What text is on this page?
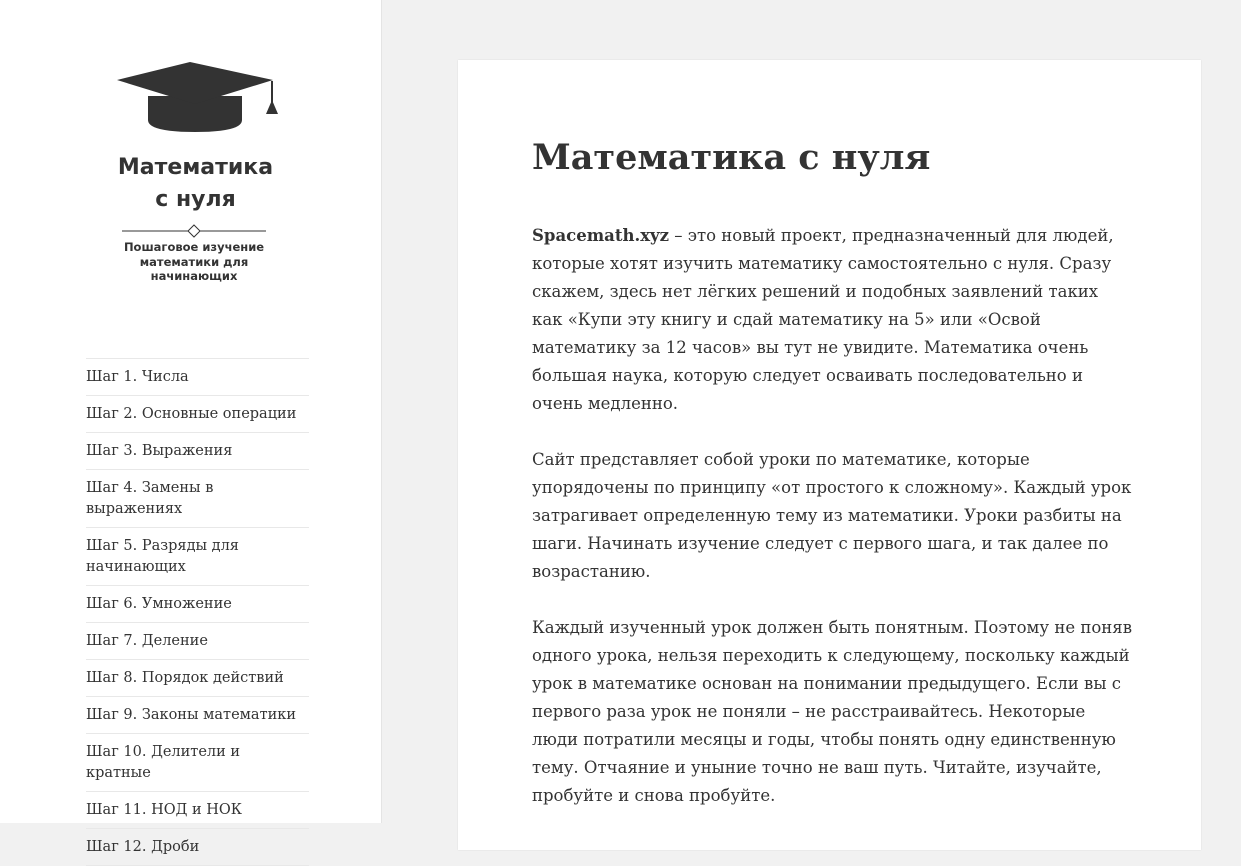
Математика
с нуля
Пошаговое изучение
математики для
начинающих
Шаг 1. Числа
Шаг 2. Основные операции
Шаг 3. Выражения
Шаг 4. Замены в выражениях
Шаг 5. Разряды для начинающих
Шаг 6. Умножение
Шаг 7. Деление
Шаг 8. Порядок действий
Шаг 9. Законы математики
Шаг 10. Делители и кратные
Шаг 11. НОД и НОК
Шаг 12. Дроби
Математика с нуля

Spacemath.xyz – это новый проект, предназначенный для людей, которые хотят изучить математику самостоятельно с нуля. Сразу скажем, здесь нет лёгких решений и подобных заявлений таких как «Купи эту книгу и сдай математику на 5» или «Освой математику за 12 часов» вы тут не увидите. Математика очень большая наука, которую следует осваивать последовательно и очень медленно.

Сайт представляет собой уроки по математике, которые упорядочены по принципу «от простого к сложному». Каждый урок затрагивает определенную тему из математики. Уроки разбиты на шаги. Начинать изучение следует с первого шага, и так далее по возрастанию.

Каждый изученный урок должен быть понятным. Поэтому не поняв одного урока, нельзя переходить к следующему, поскольку каждый урок в математике основан на понимании предыдущего. Если вы с первого раза урок не поняли – не расстраивайтесь. Некоторые люди потратили месяцы и годы, чтобы понять одну единственную тему. Отчаяние и уныние точно не ваш путь. Читайте, изучайте, пробуйте и снова пробуйте.
